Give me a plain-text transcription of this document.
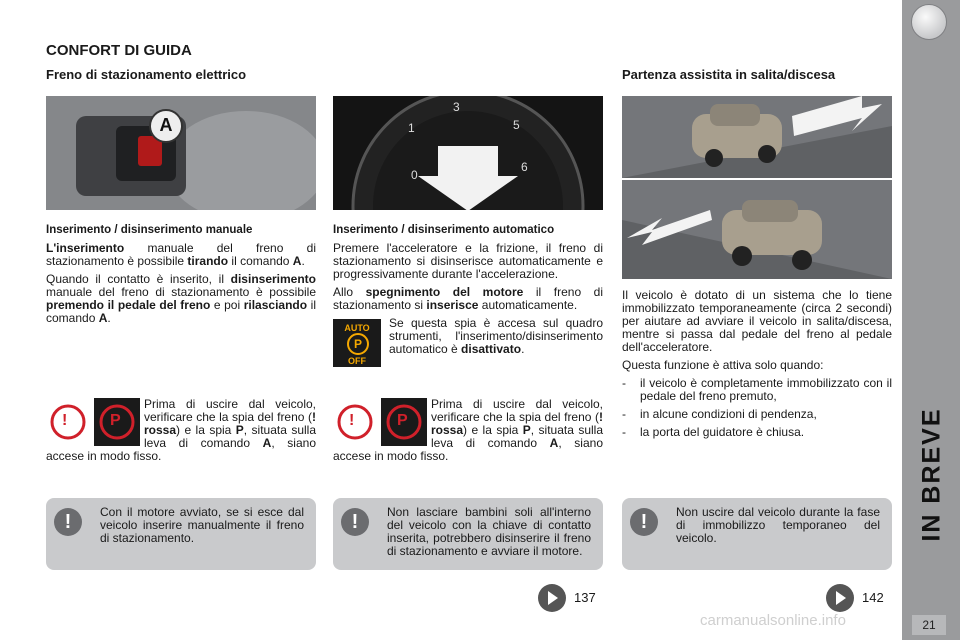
IN BREVE
21
CONFORT DI GUIDA
Freno di stazionamento elettrico	Partenza assistita in salita/discesa
A
0
1
3
5
6
Inserimento / disinserimento manuale

L'inserimento manuale del freno di stazionamento è possibile tirando il comando A.

Quando il contatto è inserito, il disinserimento manuale del freno di stazionamento è possibile premendo il pedale del freno e poi rilasciando il comando A.

!	P
Prima di uscire dal veicolo, verificare che la spia del freno (! rossa) e la spia P, situata sulla leva di comando A, siano accese in modo fisso.
Inserimento / disinserimento automatico

Premere l'acceleratore e la frizione, il freno di stazionamento si disinserisce automaticamente e progressivamente durante l'accelerazione.

Allo spegnimento del motore il freno di stazionamento si inserisce automaticamente.

AUTO
P
OFF
Se questa spia è accesa sul quadro strumenti, l'inserimento/disinserimento automatico è disattivato.

!	P
Prima di uscire dal veicolo, verificare che la spia del freno (! rossa) e la spia P, situata sulla leva di comando A, siano accese in modo fisso.

Il veicolo è dotato di un sistema che lo tiene immobilizzato temporaneamente (circa 2 secondi) per aiutare ad avviare il veicolo in salita/discesa, mentre si passa dal pedale del freno al pedale dell'acceleratore.

Questa funzione è attiva solo quando:

- il veicolo è completamente immobilizzato con il pedale del freno premuto,
- in alcune condizioni di pendenza,
- la porta del guidatore è chiusa.
!	Con il motore avviato, se si esce dal veicolo inserire manualmente il freno di stazionamento.
!	Non lasciare bambini soli all'interno del veicolo con la chiave di contatto inserita, potrebbero disinserire il freno di stazionamento e avviare il motore.
!	Non uscire dal veicolo durante la fase di immobilizzo temporaneo del veicolo.
137	142
carmanualsonline.info
